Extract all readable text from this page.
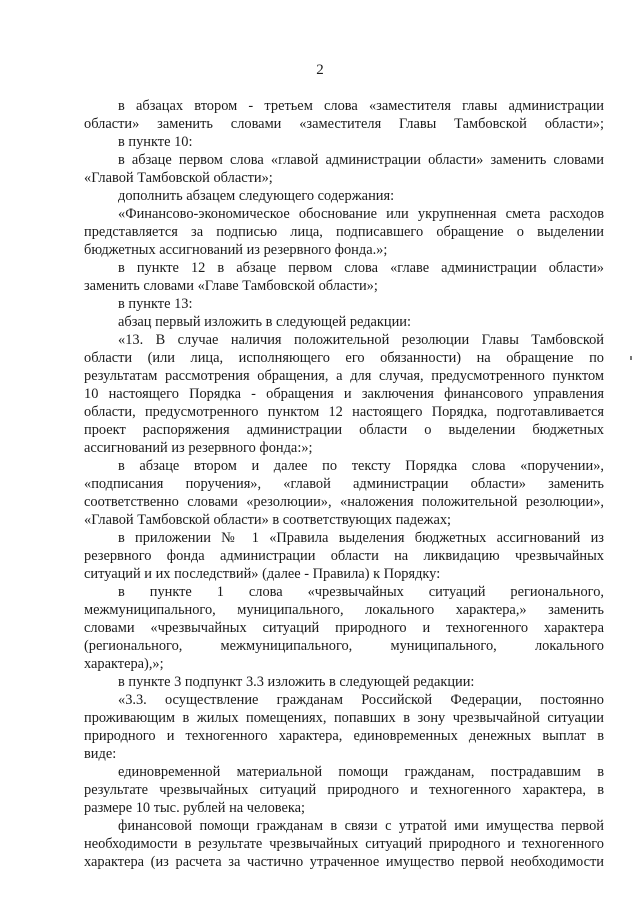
2
в абзацах втором - третьем слова «заместителя главы администрации
области» заменить словами «заместителя Главы Тамбовской области»;
в пункте 10:
в абзаце первом слова «главой администрации области» заменить словами
«Главой Тамбовской области»;
дополнить абзацем следующего содержания:
«Финансово-экономическое обоснование или укрупненная смета расходов
представляется за подписью лица, подписавшего обращение о выделении
бюджетных ассигнований из резервного фонда.»;
в пункте 12 в абзаце первом слова «главе администрации области»
заменить словами «Главе Тамбовской области»;
в пункте 13:
абзац первый изложить в следующей редакции:
«13. В случае наличия положительной резолюции Главы Тамбовской
области (или лица, исполняющего его обязанности) на обращение по
результатам рассмотрения обращения, а для случая, предусмотренного пунктом
10 настоящего Порядка - обращения и заключения финансового управления
области, предусмотренного пунктом 12 настоящего Порядка, подготавливается
проект распоряжения администрации области о выделении бюджетных
ассигнований из резервного фонда:»;
в абзаце втором и далее по тексту Порядка слова «поручении»,
«подписания поручения», «главой администрации области» заменить
соответственно словами «резолюции», «наложения положительной резолюции»,
«Главой Тамбовской области» в соответствующих падежах;
в приложении № 1 «Правила выделения бюджетных ассигнований из
резервного фонда администрации области на ликвидацию чрезвычайных
ситуаций и их последствий» (далее - Правила) к Порядку:
в пункте 1 слова «чрезвычайных ситуаций регионального,
межмуниципального, муниципального, локального характера,» заменить
словами «чрезвычайных ситуаций природного и техногенного характера
(регионального, межмуниципального, муниципального, локального
характера),»;
в пункте 3 подпункт 3.3 изложить в следующей редакции:
«3.3. осуществление гражданам Российской Федерации, постоянно
проживающим в жилых помещениях, попавших в зону чрезвычайной ситуации
природного и техногенного характера, единовременных денежных выплат в
виде:
единовременной материальной помощи гражданам, пострадавшим в
результате чрезвычайных ситуаций природного и техногенного характера, в
размере 10 тыс. рублей на человека;
финансовой помощи гражданам в связи с утратой ими имущества первой
необходимости в результате чрезвычайных ситуаций природного и техногенного
характера (из расчета за частично утраченное имущество первой необходимости
